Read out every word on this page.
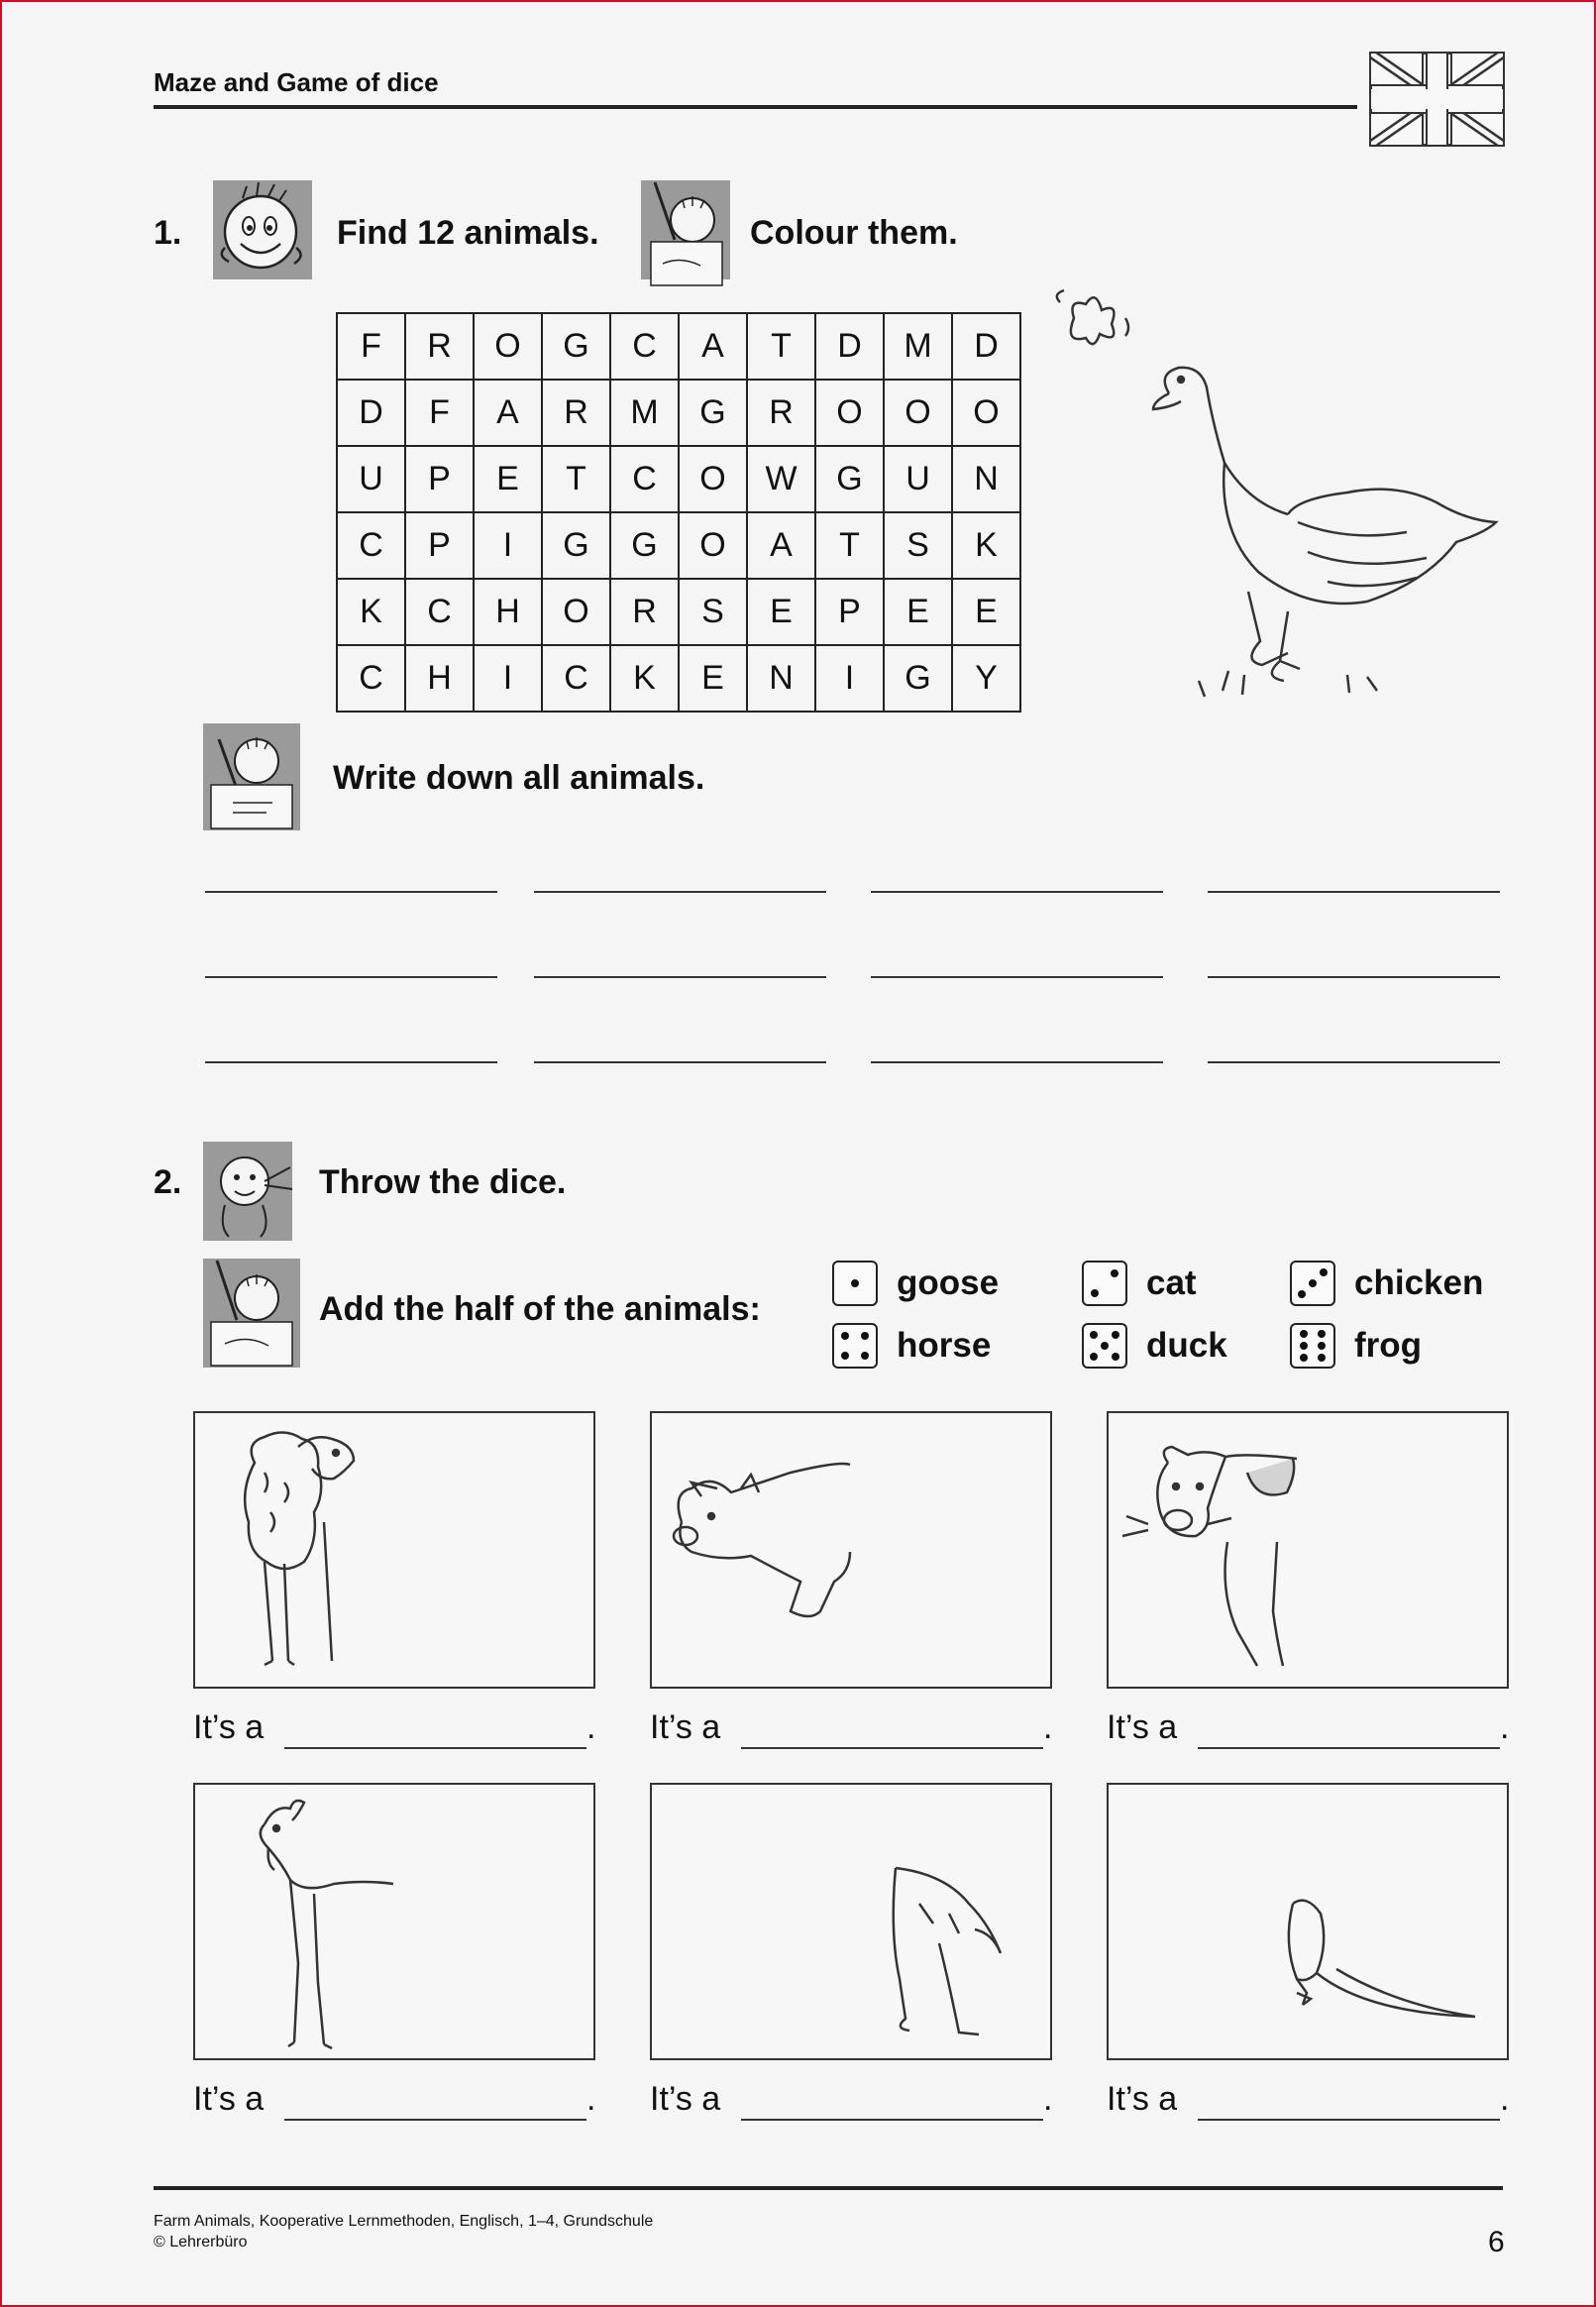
Maze and Game of dice
1.	Find 12 animals.	Colour them.
F	R	O	G	C	A	T	D	M	D
D	F	A	R	M	G	R	O	O	O
U	P	E	T	C	O	W	G	U	N
C	P	I	G	G	O	A	T	S	K
K	C	H	O	R	S	E	P	E	E
C	H	I	C	K	E	N	I	G	Y
Write down all animals.
2.	Throw the dice.
Add the half of the animals:
goose	cat	chicken
horse	duck	frog
It’s a	. It’s a	. It’s a	.
It’s a	. It’s a	. It’s a	.
Farm Animals, Kooperative Lernmethoden, Englisch, 1–4, Grundschule
© Lehrerbüro	6
